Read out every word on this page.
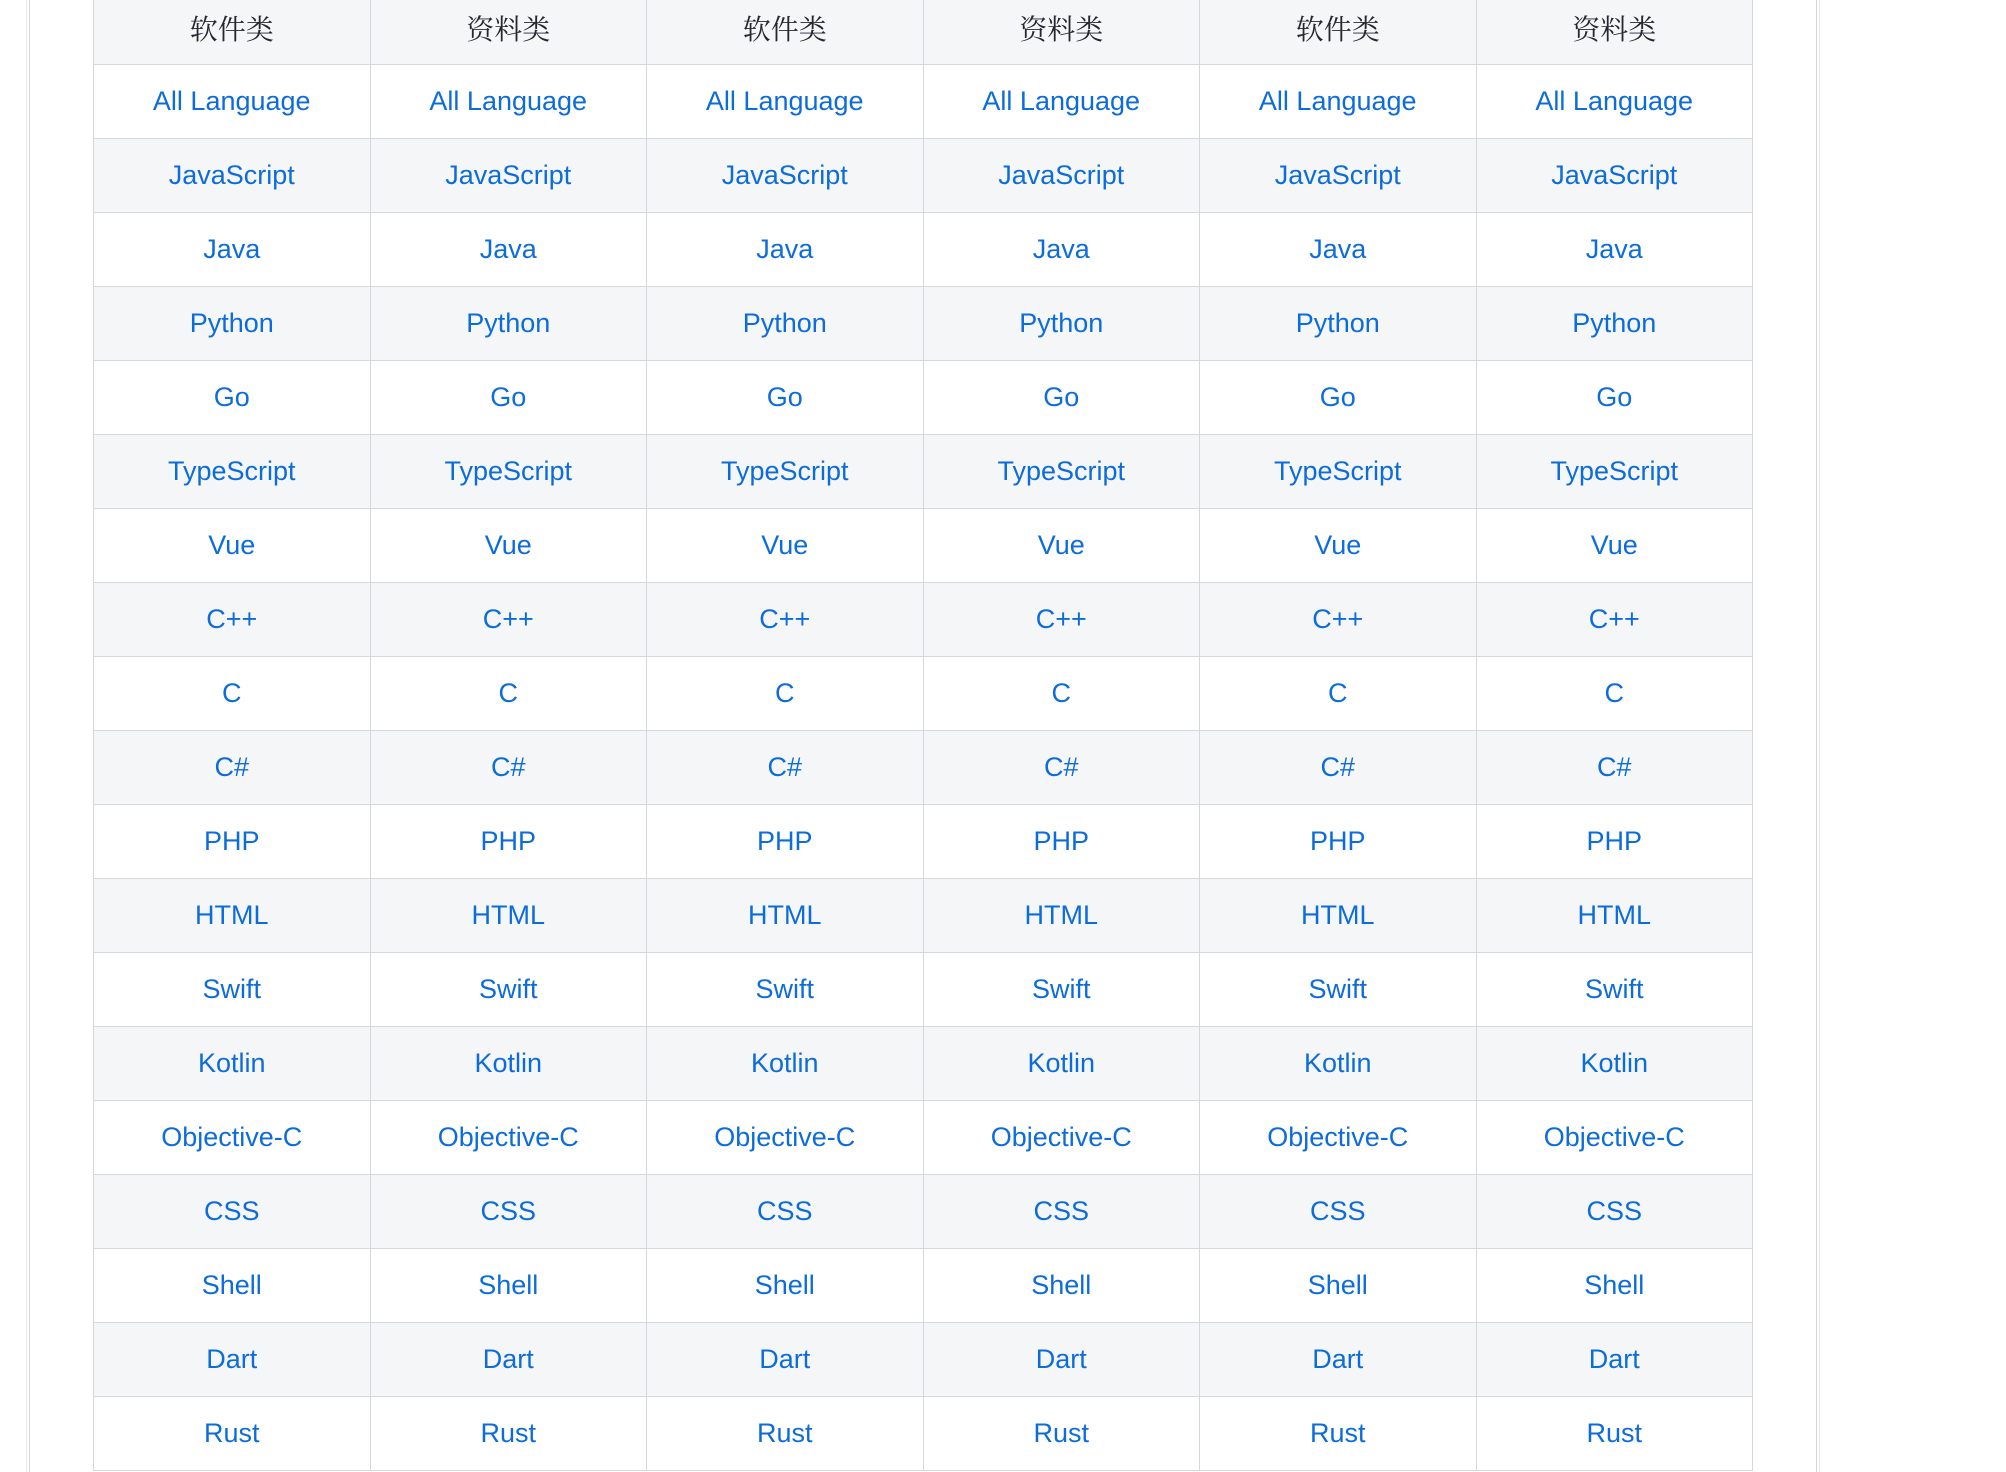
软件类	资料类	软件类	资料类	软件类	资料类
All Language	All Language	All Language	All Language	All Language	All Language
JavaScript	JavaScript	JavaScript	JavaScript	JavaScript	JavaScript
Java	Java	Java	Java	Java	Java
Python	Python	Python	Python	Python	Python
Go	Go	Go	Go	Go	Go
TypeScript	TypeScript	TypeScript	TypeScript	TypeScript	TypeScript
Vue	Vue	Vue	Vue	Vue	Vue
C++	C++	C++	C++	C++	C++
C	C	C	C	C	C
C#	C#	C#	C#	C#	C#
PHP	PHP	PHP	PHP	PHP	PHP
HTML	HTML	HTML	HTML	HTML	HTML
Swift	Swift	Swift	Swift	Swift	Swift
Kotlin	Kotlin	Kotlin	Kotlin	Kotlin	Kotlin
Objective-C	Objective-C	Objective-C	Objective-C	Objective-C	Objective-C
CSS	CSS	CSS	CSS	CSS	CSS
Shell	Shell	Shell	Shell	Shell	Shell
Dart	Dart	Dart	Dart	Dart	Dart
Rust	Rust	Rust	Rust	Rust	Rust
